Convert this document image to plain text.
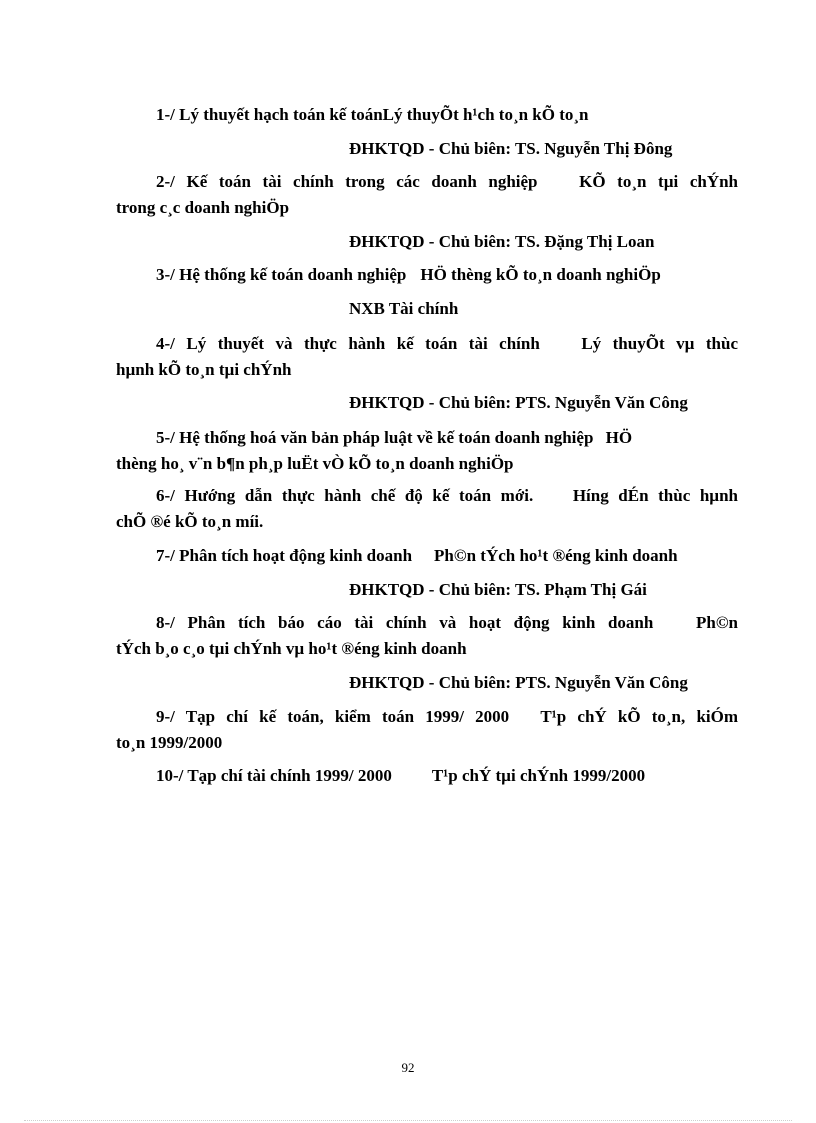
1-/ Lý thuyết hạch toán kế toánLý thuyÕt h¹ch to¸n kÕ to¸n
ĐHKTQD - Chủ biên: TS. Nguyễn Thị Đông
2-/ Kế toán tài chính trong các doanh nghiệp KÕ to¸n tµi chÝnh
trong c¸c doanh nghiÖp
ĐHKTQD - Chủ biên: TS. Đặng Thị Loan
3-/ Hệ thống kế toán doanh nghiệp HÖ thèng kÕ to¸n doanh nghiÖp
NXB Tài chính
4-/ Lý thuyết và thực hành kế toán tài chính Lý thuyÕt vµ thùc
hµnh kÕ to¸n tµi chÝnh
ĐHKTQD - Chủ biên: PTS. Nguyễn Văn Công
5-/ Hệ thống hoá văn bản pháp luật về kế toán doanh nghiệp HÖ
thèng ho¸ v¨n b¶n ph¸p luËt vÒ kÕ to¸n doanh nghiÖp
6-/ Hướng dẫn thực hành chế độ kế toán mới. Híng dÉn thùc hµnh
chÕ ®é kÕ to¸n míi.
7-/ Phân tích hoạt động kinh doanh Ph©n tÝch ho¹t ®éng kinh doanh
ĐHKTQD - Chủ biên: TS. Phạm Thị Gái
8-/ Phân tích báo cáo tài chính và hoạt động kinh doanh	Ph©n
tÝch b¸o c¸o tµi chÝnh vµ ho¹t ®éng kinh doanh
ĐHKTQD - Chủ biên: PTS. Nguyễn Văn Công
9-/ Tạp chí kế toán, kiểm toán 1999/ 2000 T¹p chÝ kÕ to¸n, kiÓm
to¸n 1999/2000
10-/ Tạp chí tài chính 1999/ 2000 T¹p chÝ tµi chÝnh 1999/2000
92
